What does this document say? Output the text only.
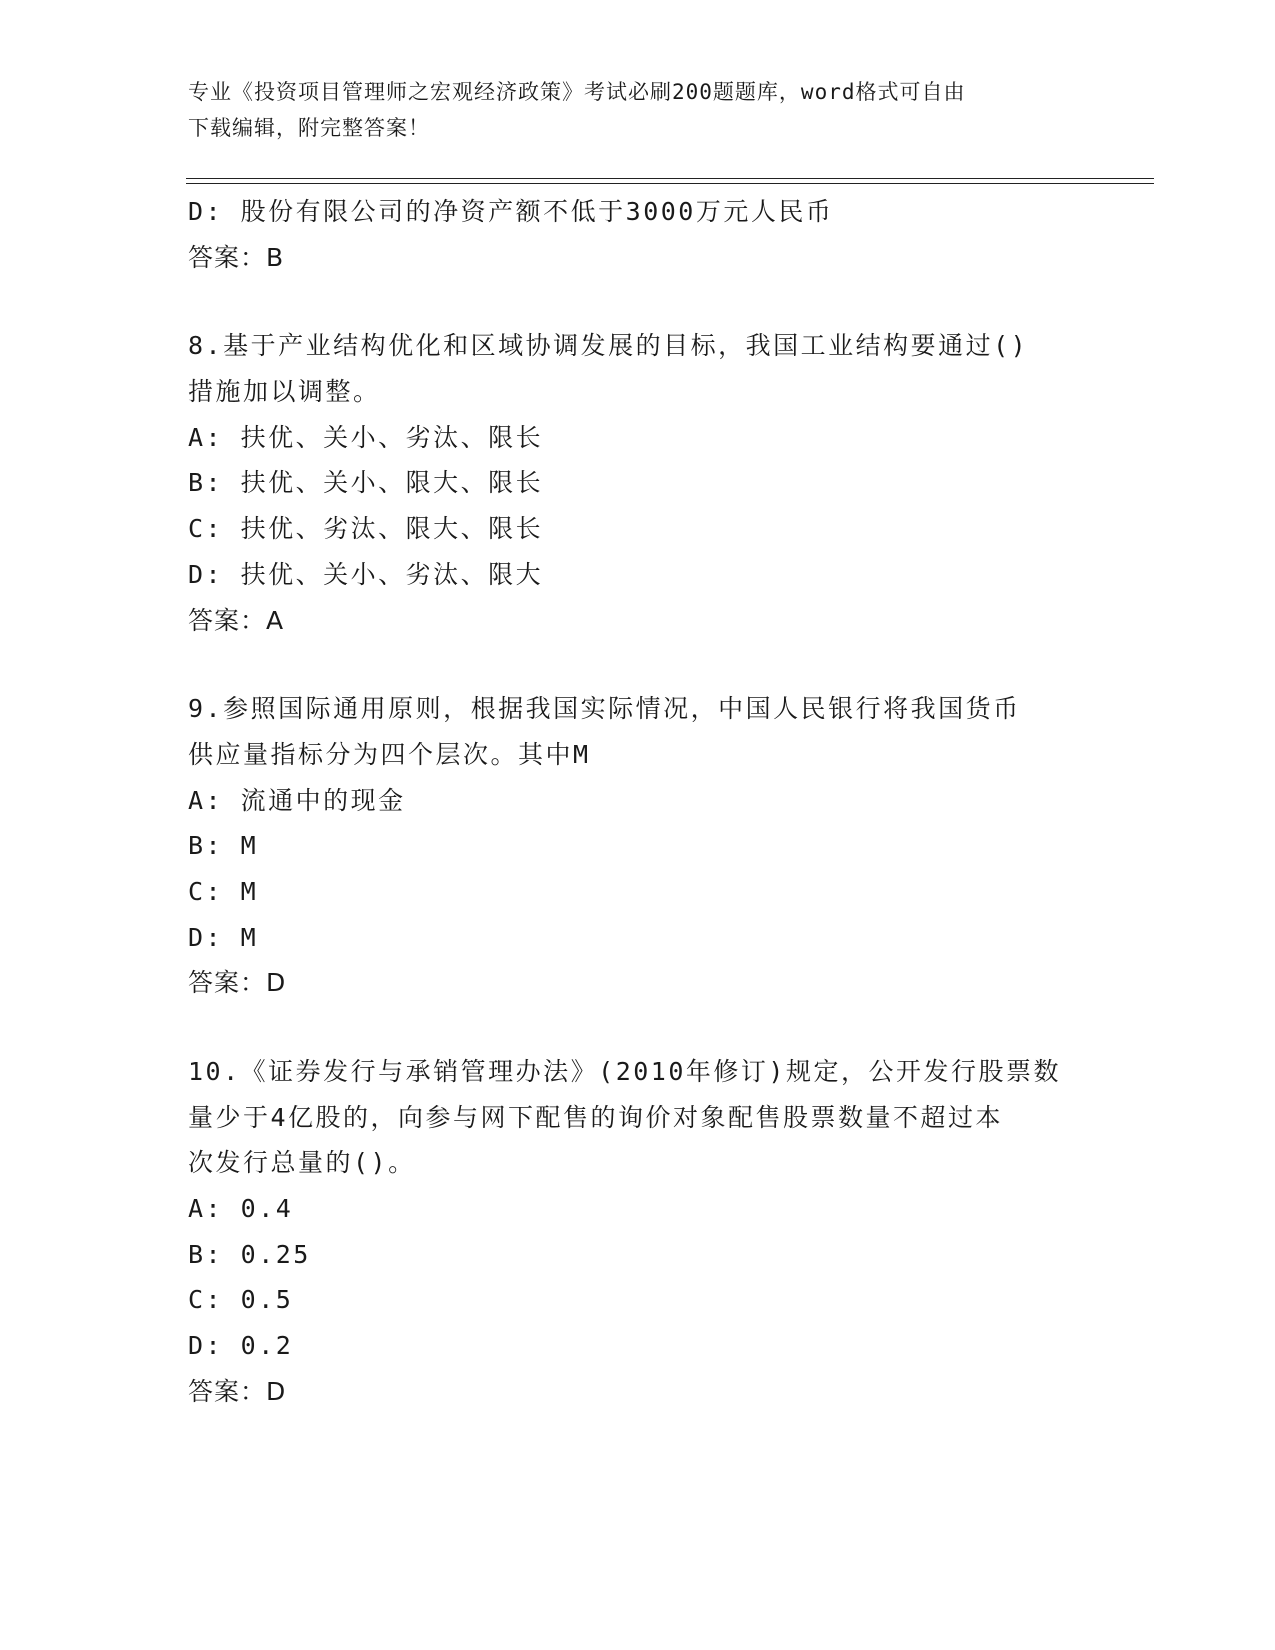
专业《投资项目管理师之宏观经济政策》考试必刷200题题库，word格式可自由
下载编辑，附完整答案！
D: 股份有限公司的净资产额不低于3000万元人民币
答案：B
8.基于产业结构优化和区域协调发展的目标，我国工业结构要通过()
措施加以调整。
A: 扶优、关小、劣汰、限长
B: 扶优、关小、限大、限长
C: 扶优、劣汰、限大、限长
D: 扶优、关小、劣汰、限大
答案：A
9.参照国际通用原则，根据我国实际情况，中国人民银行将我国货币
供应量指标分为四个层次。其中M
A: 流通中的现金
B: M
C: M
D: M
答案：D
10.《证券发行与承销管理办法》(2010年修订)规定，公开发行股票数
量少于4亿股的，向参与网下配售的询价对象配售股票数量不超过本
次发行总量的()。
A: 0.4
B: 0.25
C: 0.5
D: 0.2
答案：D
